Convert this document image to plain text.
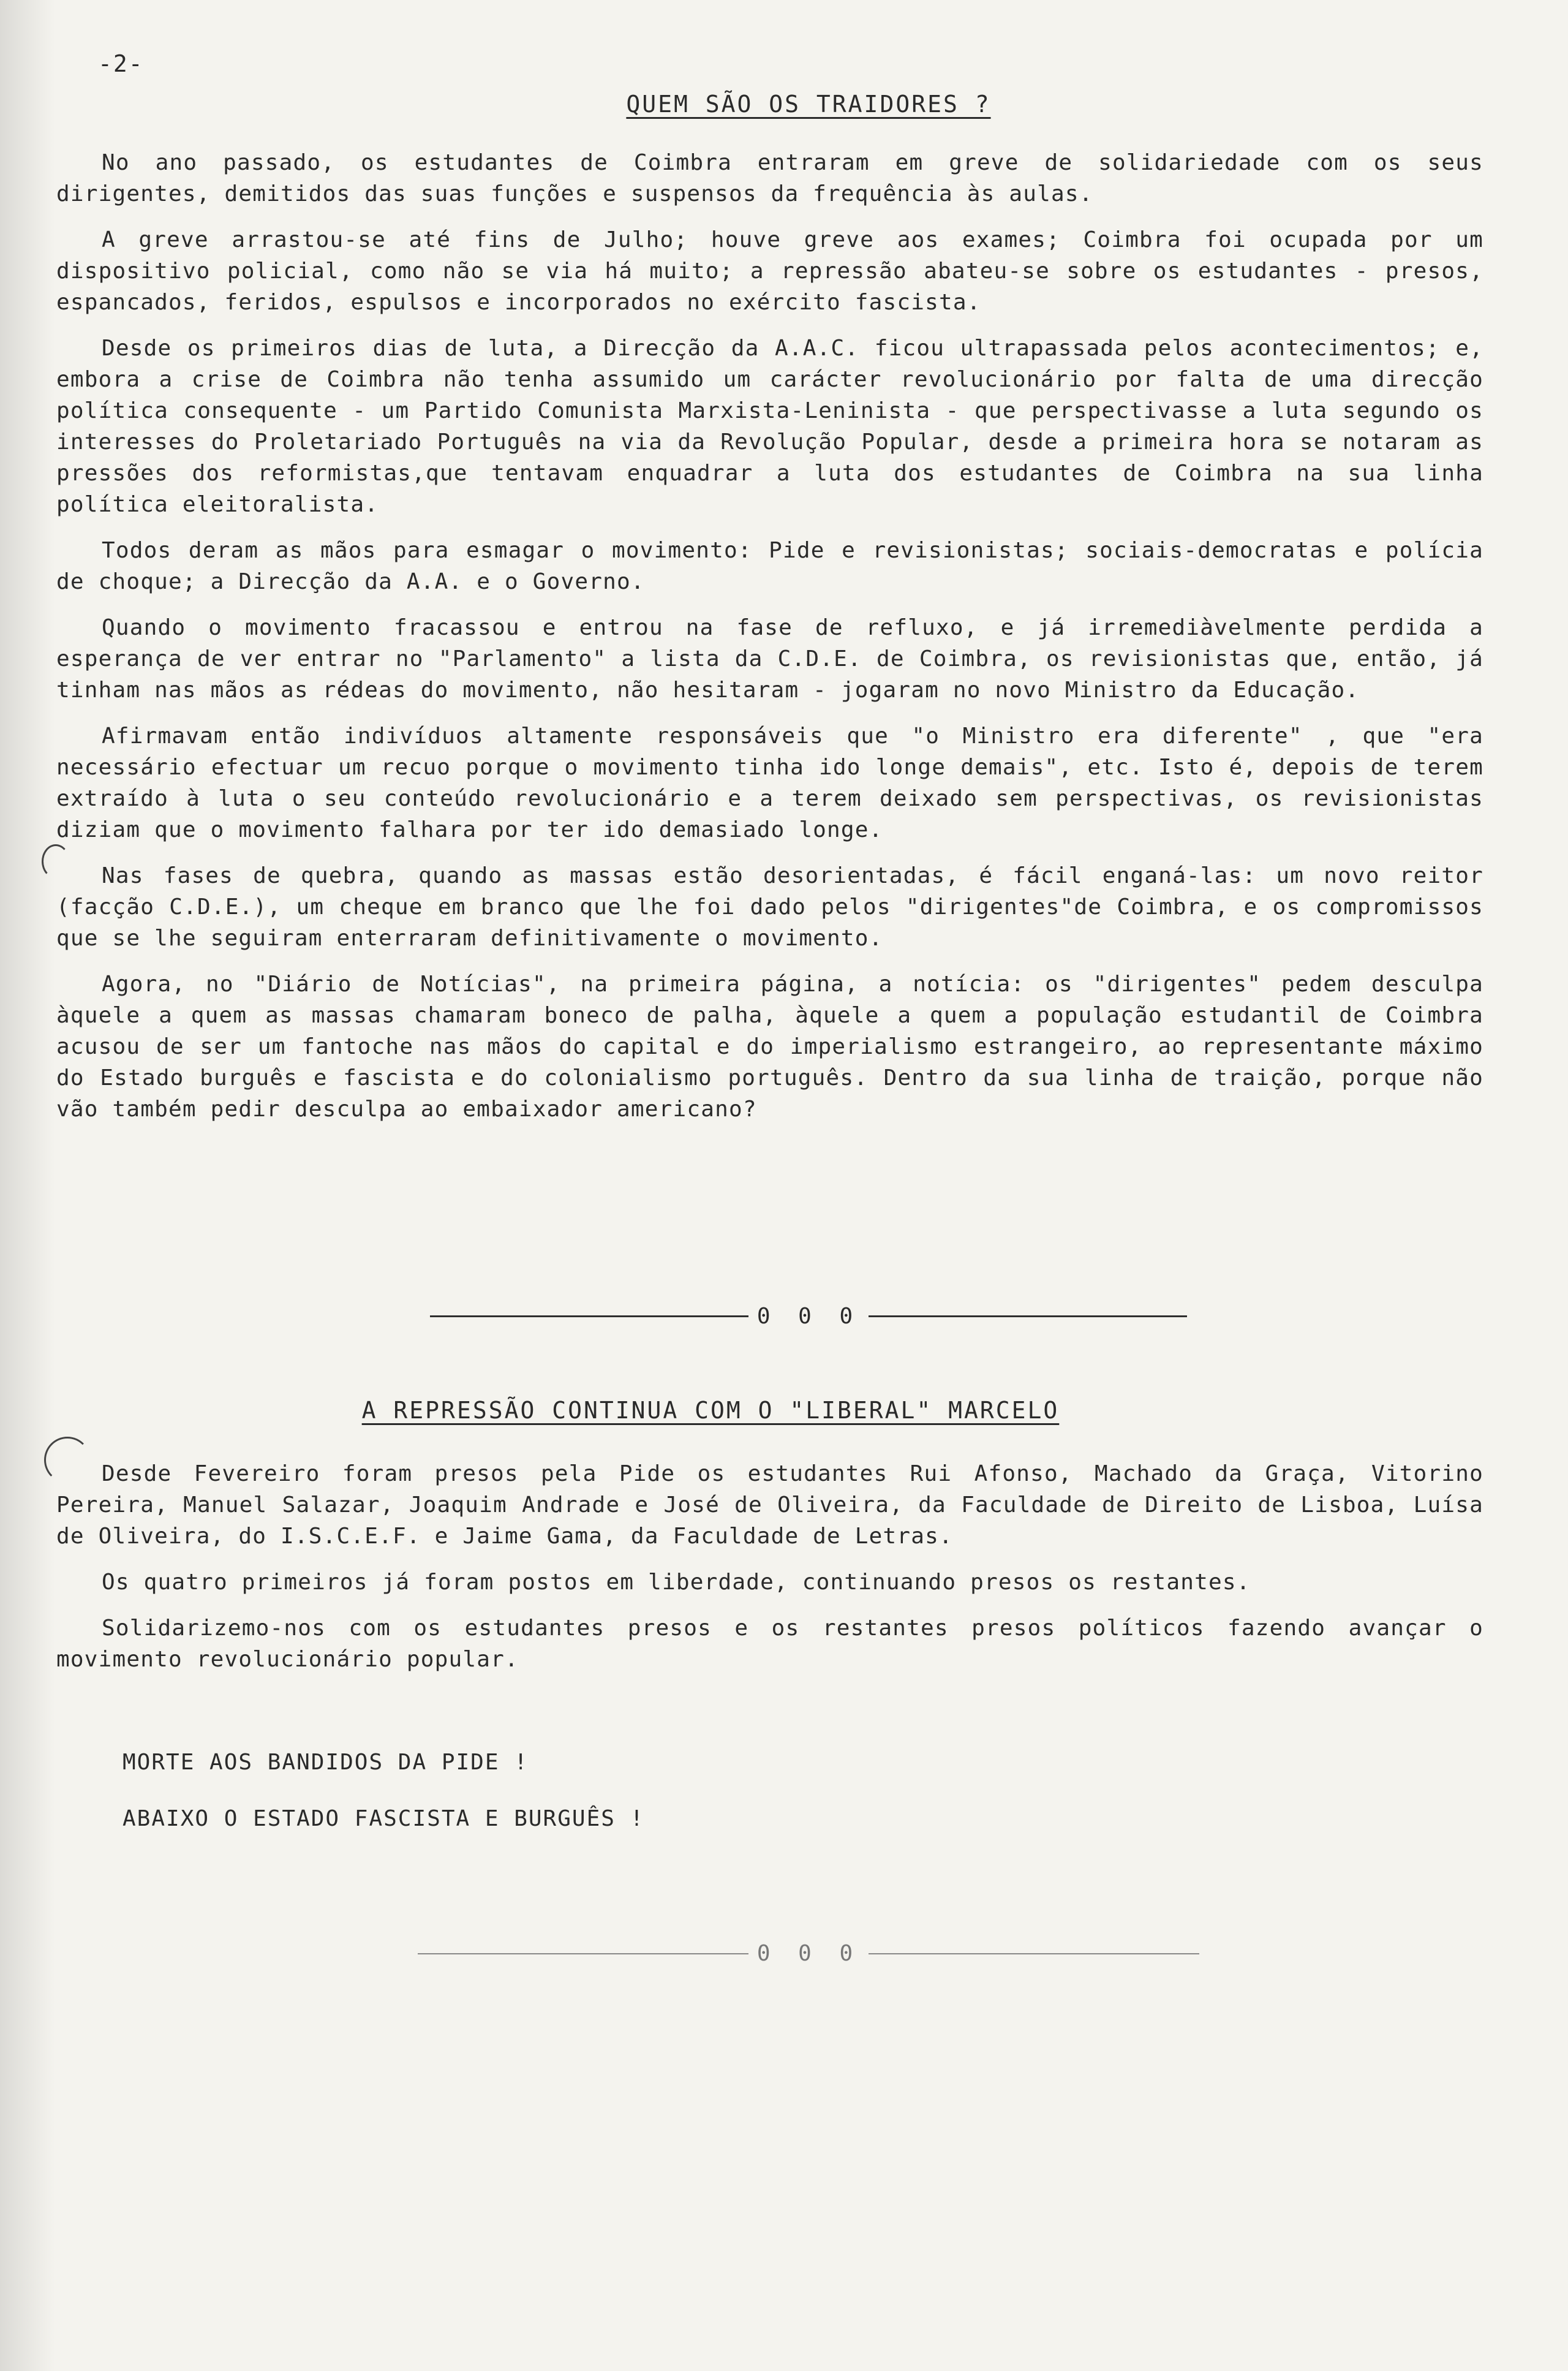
-2-
QUEM SÃO OS TRAIDORES ?

No ano passado, os estudantes de Coimbra entraram em greve de solidariedade com os seus dirigentes, demitidos das suas funções e suspensos da frequência às aulas.

A greve arrastou-se até fins de Julho; houve greve aos exames; Coimbra foi ocupada por um dispositivo policial, como não se via há muito; a repressão abateu-se sobre os estudantes - presos, espancados, feridos, espulsos e incorporados no exército fascista.

Desde os primeiros dias de luta, a Direcção da A.A.C. ficou ultrapassada pelos acontecimentos; e, embora a crise de Coimbra não tenha assumido um carácter revolucionário por falta de uma direcção política consequente - um Partido Comunista Marxista-Leninista - que perspectivasse a luta segundo os interesses do Proletariado Português na via da Revolução Popular, desde a primeira hora se notaram as pressões dos reformistas,que tentavam enquadrar a luta dos estudantes de Coimbra na sua linha política eleitoralista.

Todos deram as mãos para esmagar o movimento: Pide e revisionistas; sociais-democratas e polícia de choque; a Direcção da A.A. e o Governo.

Quando o movimento fracassou e entrou na fase de refluxo, e já irremediàvelmente perdida a esperança de ver entrar no "Parlamento" a lista da C.D.E. de Coimbra, os revisionistas que, então, já tinham nas mãos as rédeas do movimento, não hesitaram - jogaram no novo Ministro da Educação.

Afirmavam então indivíduos altamente responsáveis que "o Ministro era diferente" , que "era necessário efectuar um recuo porque o movimento tinha ido longe demais", etc. Isto é, depois de terem extraído à luta o seu conteúdo revolucionário e a terem deixado sem perspectivas, os revisionistas diziam que o movimento falhara por ter ido demasiado longe.

Nas fases de quebra, quando as massas estão desorientadas, é fácil enganá-las: um novo reitor (facção C.D.E.), um cheque em branco que lhe foi dado pelos "dirigentes"de Coimbra, e os compromissos que se lhe seguiram enterraram definitivamente o movimento.

Agora, no "Diário de Notícias", na primeira página, a notícia: os "dirigentes" pedem desculpa àquele a quem as massas chamaram boneco de palha, àquele a quem a população estudantil de Coimbra acusou de ser um fantoche nas mãos do capital e do imperialismo estrangeiro, ao representante máximo do Estado burguês e fascista e do colonialismo português. Dentro da sua linha de traição, porque não vão também pedir desculpa ao embaixador americano?

0 0 0
A REPRESSÃO CONTINUA COM O "LIBERAL" MARCELO

Desde Fevereiro foram presos pela Pide os estudantes Rui Afonso, Machado da Graça, Vitorino Pereira, Manuel Salazar, Joaquim Andrade e José de Oliveira, da Faculdade de Direito de Lisboa, Luísa de Oliveira, do I.S.C.E.F. e Jaime Gama, da Faculdade de Letras.

Os quatro primeiros já foram postos em liberdade, continuando presos os restantes.

Solidarizemo-nos com os estudantes presos e os restantes presos políticos fazendo avançar o movimento revolucionário popular.

MORTE AOS BANDIDOS DA PIDE !
ABAIXO O ESTADO FASCISTA E BURGUÊS !
0 0 0
